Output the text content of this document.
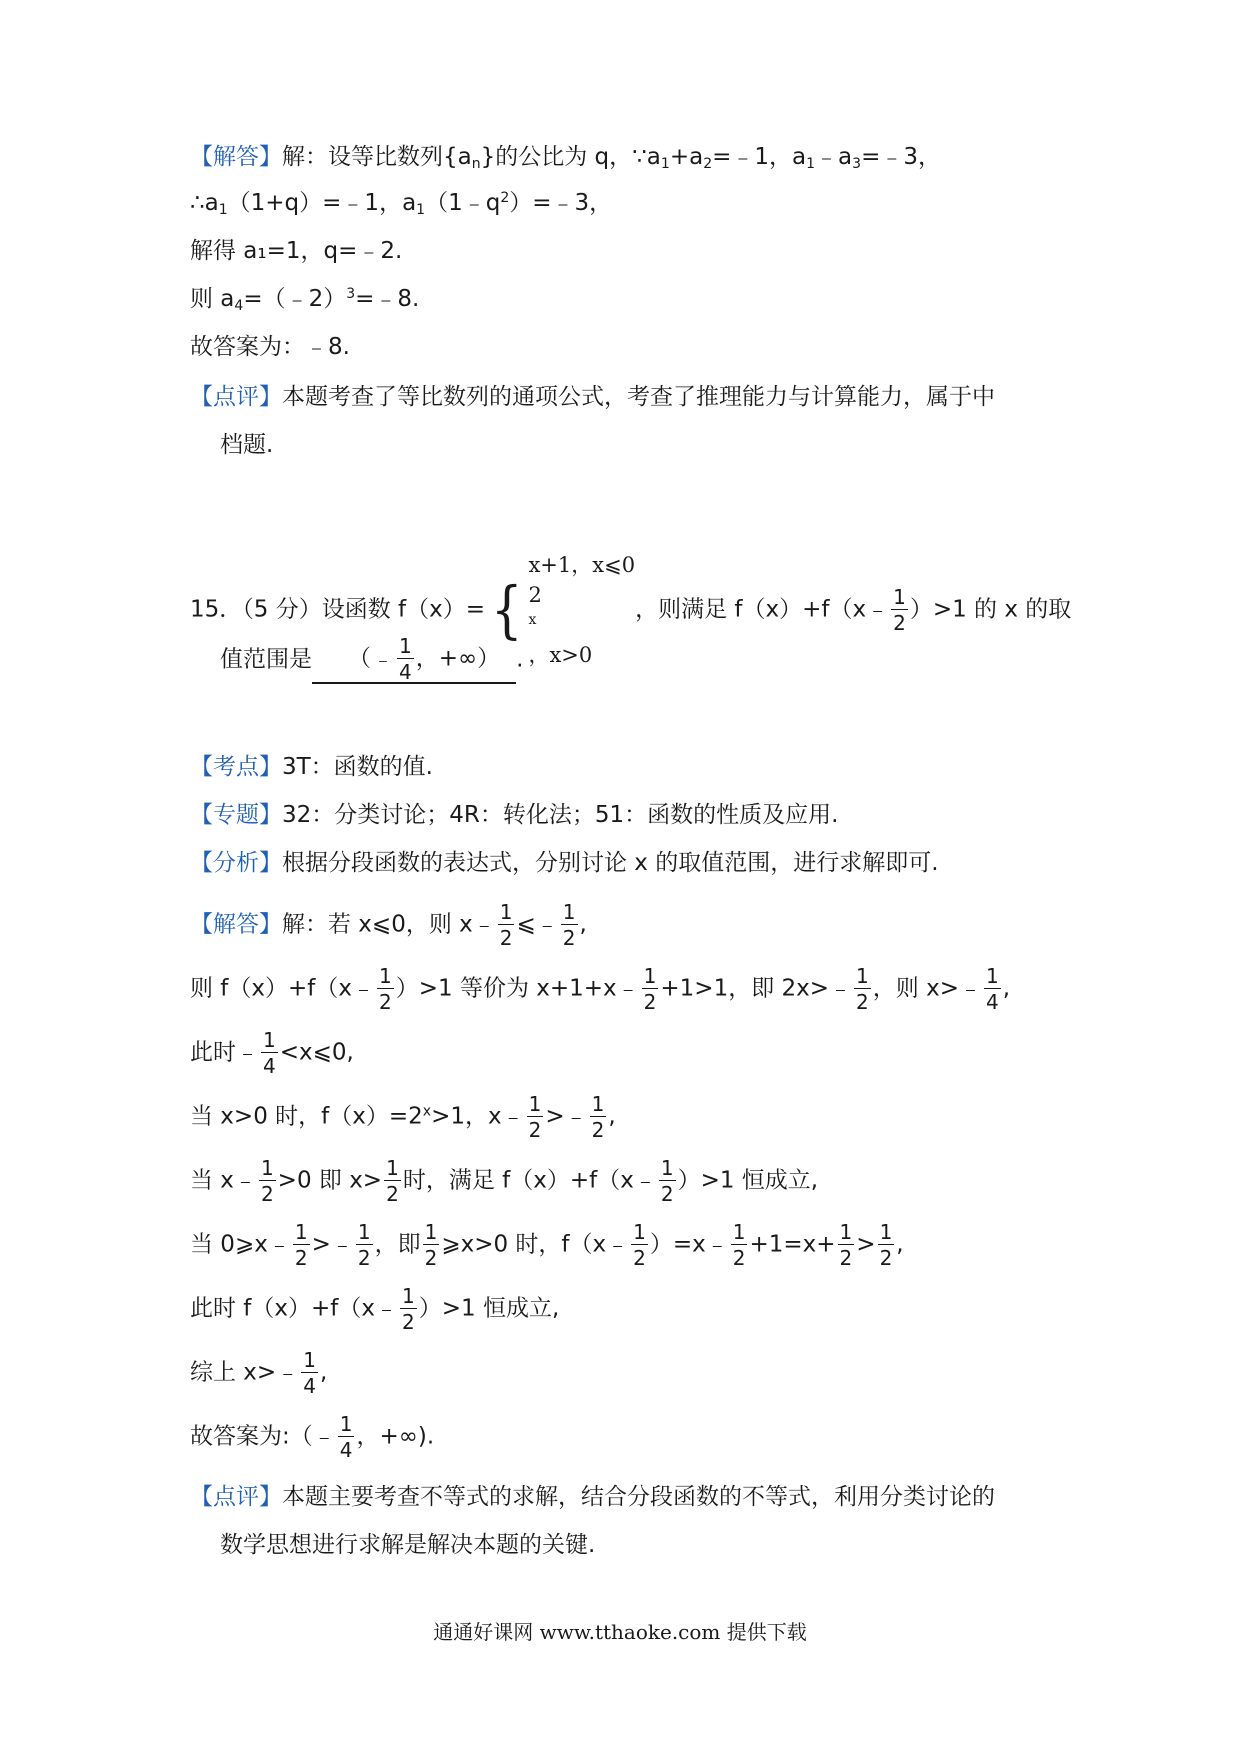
【解答】解：设等比数列$\{a_n\}$的公比为 q，$\because a_1+a_2=﹣1$，$a_1﹣a_3=﹣3$，
$\therefore a_1(1+q)=﹣1$，$a_1(1﹣q^2)=﹣3$，
解得 a₁=1，q=﹣2.
则 $a_4=(﹣2)^3=﹣8$.
故答案为：﹣8.
【点评】本题考查了等比数列的通项公式，考查了推理能力与计算能力，属于中
档题.
15．（5 分）设函数 f（x）={
x+1，x⩽0
2
$^x$
，x>0
，则满足 f（x）+f（x﹣ $\frac{1}{2} )>1$ 的 x 的取
值范围是 （ ﹣ $\frac{1}{4}$ ，+∞） .
【考点】3T：函数的值.
【专题】32：分类讨论；4R：转化法；51：函数的性质及应用.
【分析】根据分段函数的表达式，分别讨论 x 的取值范围，进行求解即可.
【解答】解：若 x⩽0，则 x﹣ $\frac{1}{2}$ ⩽﹣ $\frac{1}{2}$ ,
则 f（x）+f（x﹣ $\frac{1}{2} )>1$ 等价为 x+1+x﹣ $\frac{1}{2} +1>1$，即 2x>﹣ $\frac{1}{2}$ ，则 x>﹣ $\frac{1}{4}$ ,
此时﹣ $\frac{1}{4}$ <x⩽0,
当 x>0 时，$f(x)=2^x>1$，x﹣ $\frac{1}{2}$ >﹣ $\frac{1}{2}$ ,
当 x﹣ $\frac{1}{2} >0$ 即 $x> \frac{1}{2}$ 时，满足 f（x）+f（x﹣ $\frac{1}{2} )>1$ 恒成立,
当 0⩾x﹣ $\frac{1}{2}$ >﹣ $\frac{1}{2}$ ，即 $\frac{1}{2}$ ⩾x>0 时，f（x﹣ $\frac{1}{2}$ ）=x﹣ $\frac{1}{2} +1=x+ \frac{1}{2} > \frac{1}{2}$ ,
此时 f（x）+f（x﹣ $\frac{1}{2} )>1$ 恒成立,
综上 x>﹣ $\frac{1}{4}$ ,
故答案为:（﹣ $\frac{1}{4}$ ，+∞).
【点评】本题主要考查不等式的求解，结合分段函数的不等式，利用分类讨论的
数学思想进行求解是解决本题的关键.
通通好课网 www.tthaoke.com 提供下载
